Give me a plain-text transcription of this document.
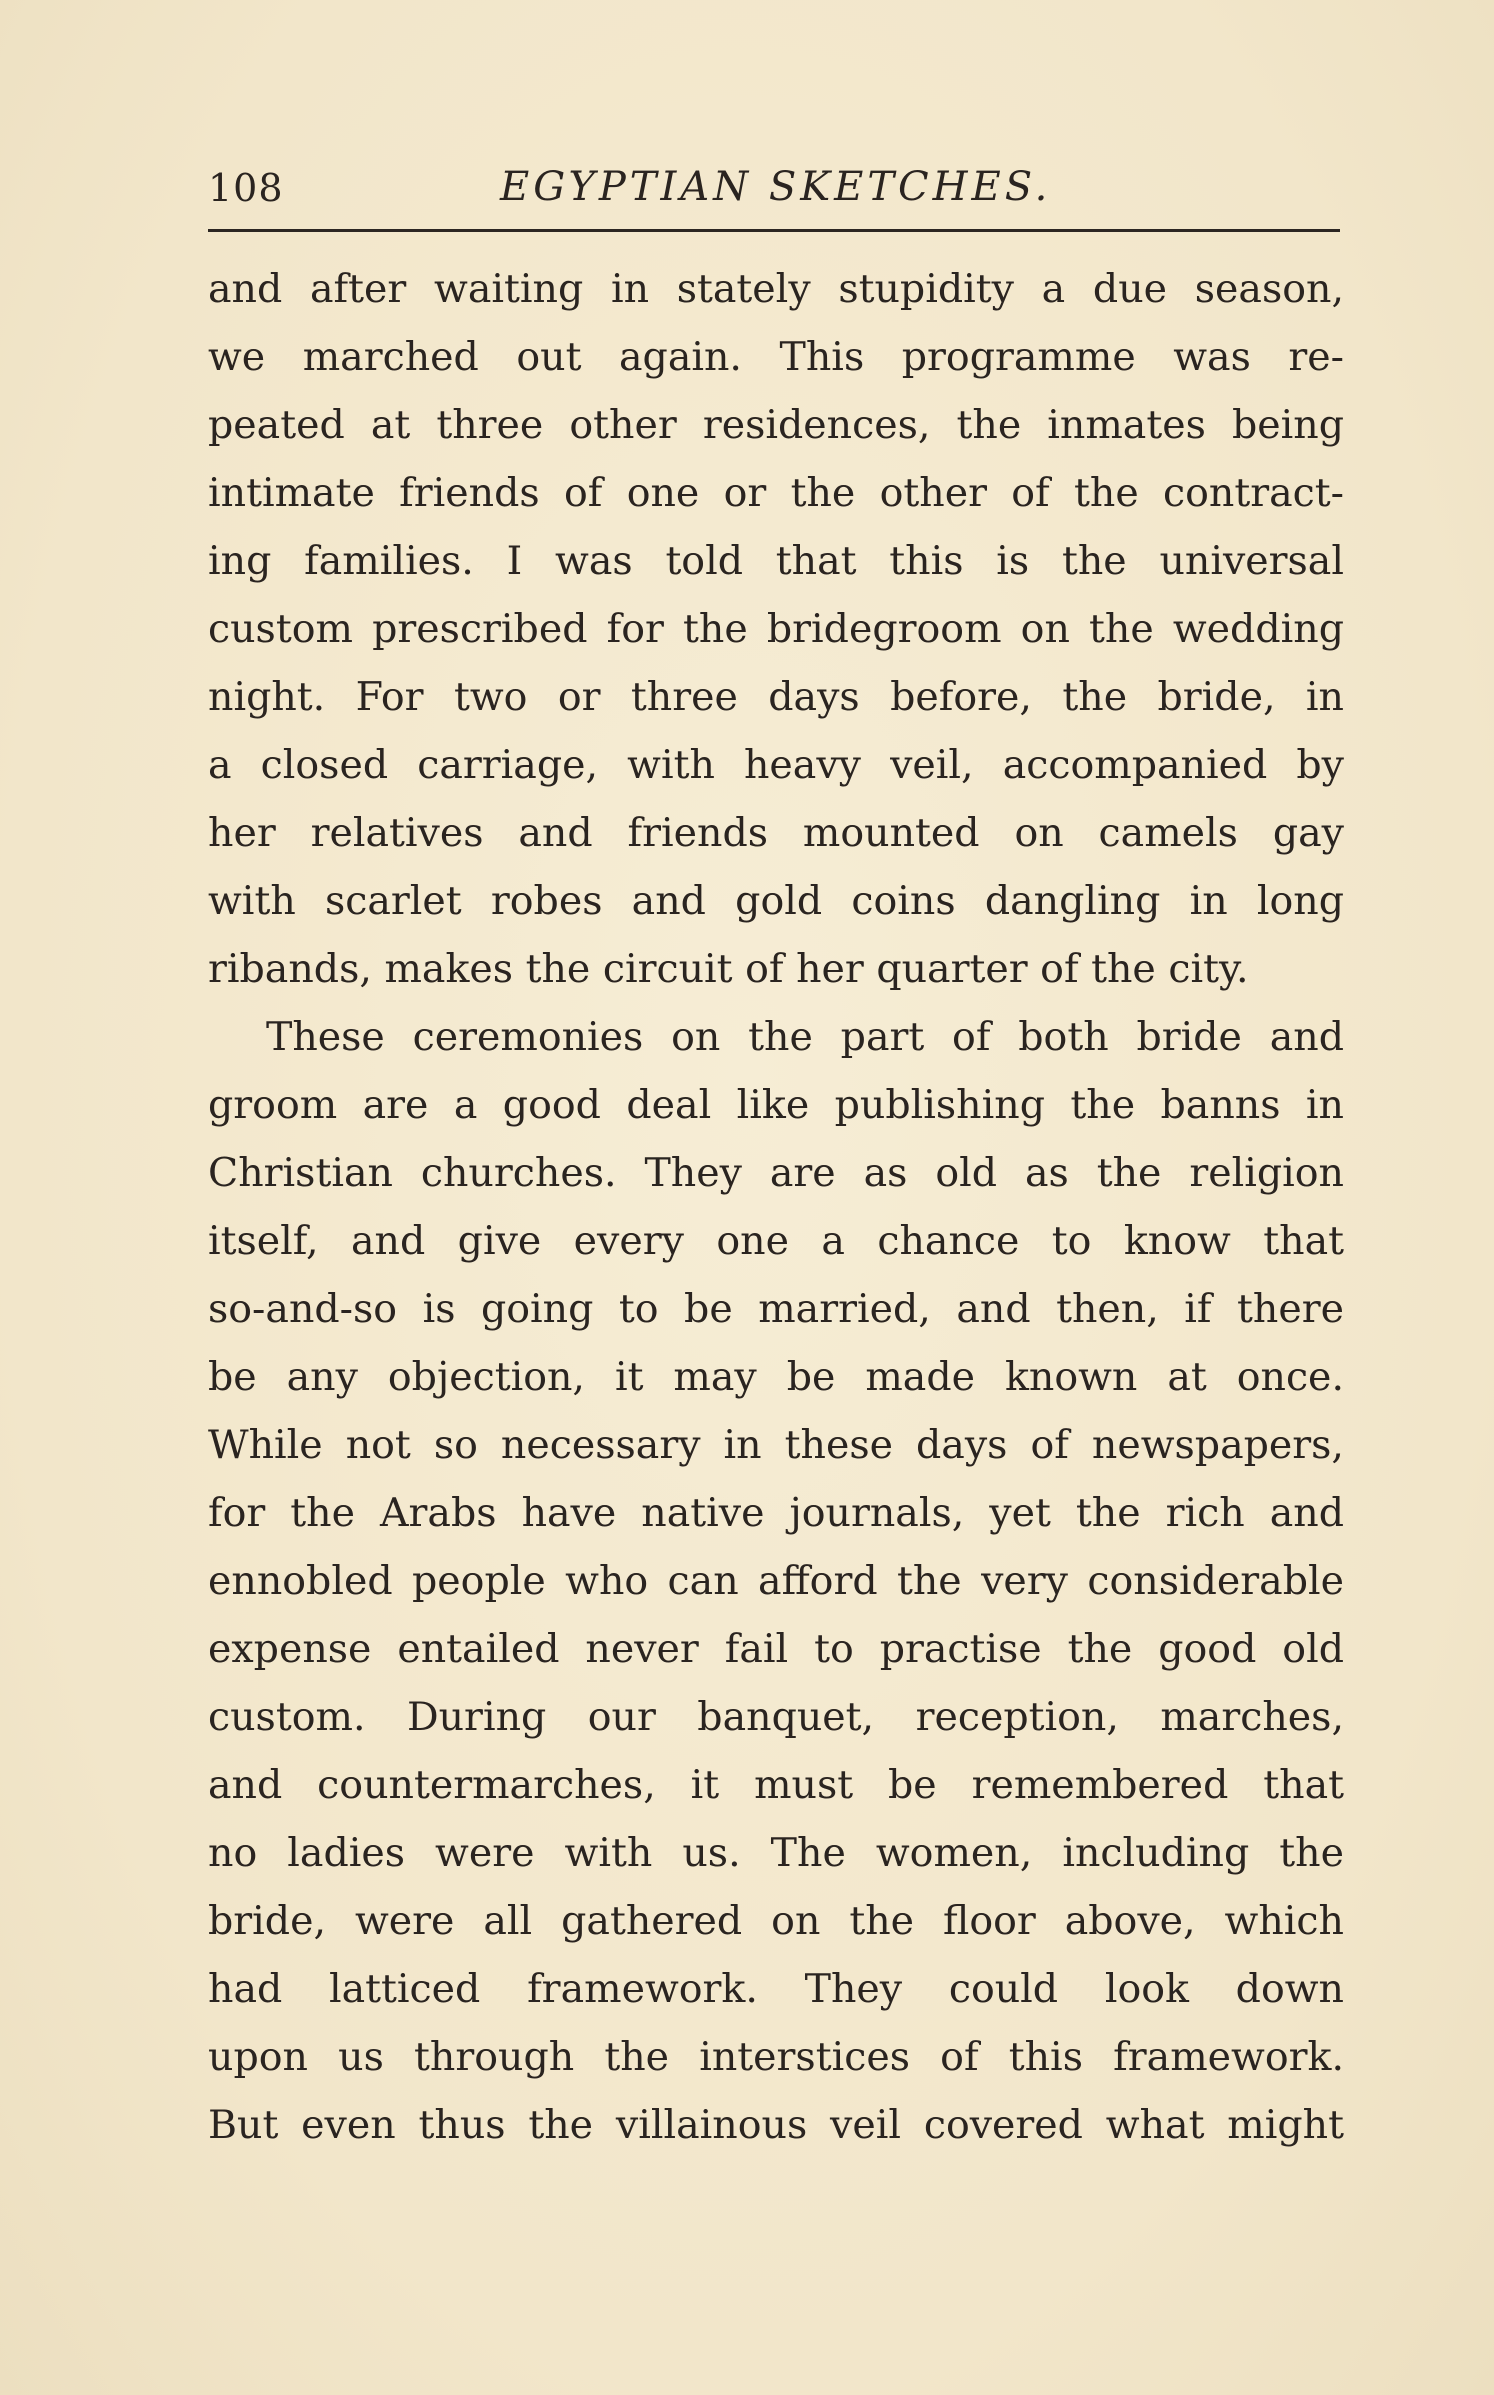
108	EGYPTIAN SKETCHES.
and after waiting in stately stupidity a due season,
we marched out again. This programme was re-
peated at three other residences, the inmates being
intimate friends of one or the other of the contract-
ing families. I was told that this is the universal
custom prescribed for the bridegroom on the wedding
night. For two or three days before, the bride, in
a closed carriage, with heavy veil, accompanied by
her relatives and friends mounted on camels gay
with scarlet robes and gold coins dangling in long
ribands, makes the circuit of her quarter of the city.
These ceremonies on the part of both bride and
groom are a good deal like publishing the banns in
Christian churches. They are as old as the religion
itself, and give every one a chance to know that
so-and-so is going to be married, and then, if there
be any objection, it may be made known at once.
While not so necessary in these days of newspapers,
for the Arabs have native journals, yet the rich and
ennobled people who can afford the very considerable
expense entailed never fail to practise the good old
custom. During our banquet, reception, marches,
and countermarches, it must be remembered that
no ladies were with us. The women, including the
bride, were all gathered on the floor above, which
had latticed framework. They could look down
upon us through the interstices of this framework.
But even thus the villainous veil covered what might
